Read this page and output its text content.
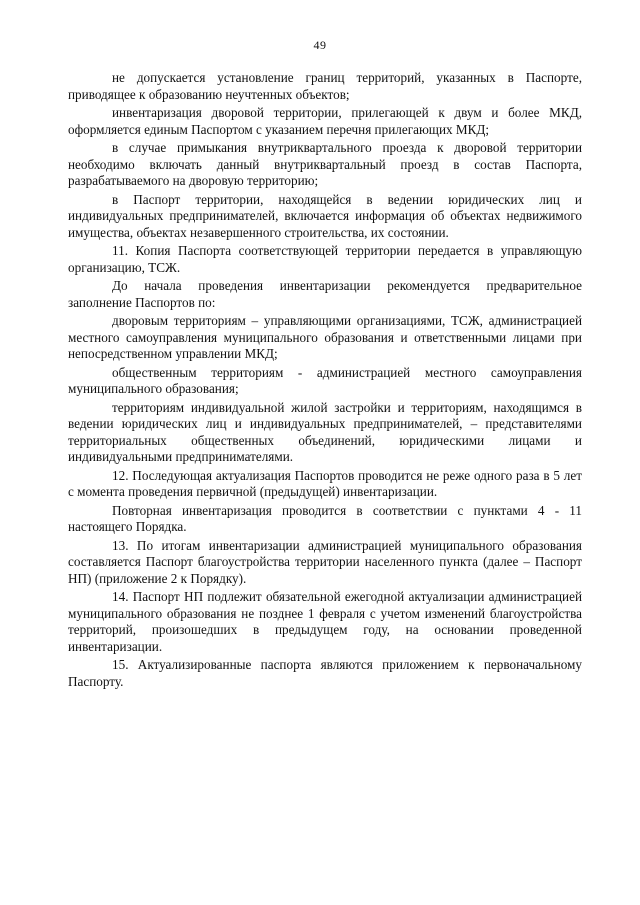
49

не допускается установление границ территорий, указанных в Паспорте, приводящее к образованию неучтенных объектов;

инвентаризация дворовой территории, прилегающей к двум и более МКД, оформляется единым Паспортом с указанием перечня прилегающих МКД;

в случае примыкания внутриквартального проезда к дворовой территории необходимо включать данный внутриквартальный проезд в состав Паспорта, разрабатываемого на дворовую территорию;

в Паспорт территории, находящейся в ведении юридических лиц и индивидуальных предпринимателей, включается информация об объектах недвижимого имущества, объектах незавершенного строительства, их состоянии.

11. Копия Паспорта соответствующей территории передается в управляющую организацию, ТСЖ.

До начала проведения инвентаризации рекомендуется предварительное заполнение Паспортов по:

дворовым территориям – управляющими организациями, ТСЖ, администрацией местного самоуправления муниципального образования и ответственными лицами при непосредственном управлении МКД;

общественным территориям - администрацией местного самоуправления муниципального образования;

территориям индивидуальной жилой застройки и территориям, находящимся в ведении юридических лиц и индивидуальных предпринимателей, – представителями территориальных общественных объединений, юридическими лицами и индивидуальными предпринимателями.

12. Последующая актуализация Паспортов проводится не реже одного раза в 5 лет с момента проведения первичной (предыдущей) инвентаризации.

Повторная инвентаризация проводится в соответствии с пунктами 4 - 11 настоящего Порядка.

13. По итогам инвентаризации администрацией муниципального образования составляется Паспорт благоустройства территории населенного пункта (далее – Паспорт НП) (приложение 2 к Порядку).

14. Паспорт НП подлежит обязательной ежегодной актуализации администрацией муниципального образования не позднее 1 февраля с учетом изменений благоустройства территорий, произошедших в предыдущем году, на основании проведенной инвентаризации.

15. Актуализированные паспорта являются приложением к первоначальному Паспорту.
